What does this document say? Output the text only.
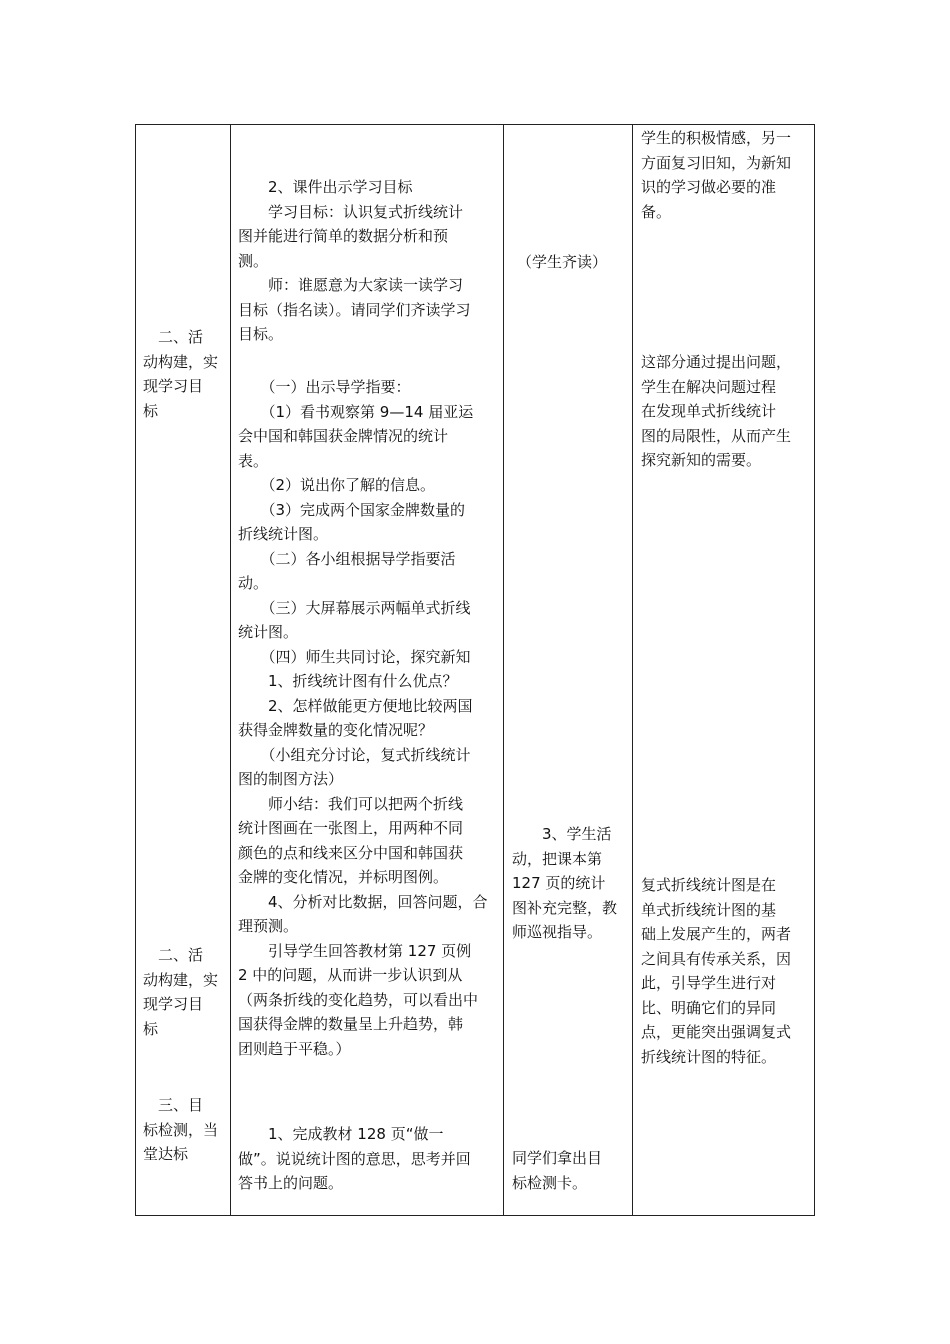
　二、活
动构建，实
现学习目
标
　二、活
动构建，实
现学习目
标
　三、目
标检测，当
堂达标
　　2、课件出示学习目标
　　学习目标：认识复式折线统计
图并能进行简单的数据分析和预
测。
　　师：谁愿意为大家读一读学习
目标（指名读）。请同学们齐读学习
目标。
　　（一）出示导学指要：
　　（1）看书观察第 9—14 届亚运
会中国和韩国获金牌情况的统计
表。
　　（2）说出你了解的信息。
　　（3）完成两个国家金牌数量的
折线统计图。
　　（二）各小组根据导学指要活
动。
　　（三）大屏幕展示两幅单式折线
统计图。
　　（四）师生共同讨论，探究新知
　　1、折线统计图有什么优点？
　　2、怎样做能更方便地比较两国
获得金牌数量的变化情况呢？
　　（小组充分讨论，复式折线统计
图的制图方法）
　　师小结：我们可以把两个折线
统计图画在一张图上，用两种不同
颜色的点和线来区分中国和韩国获
金牌的变化情况，并标明图例。
　　4、分析对比数据，回答问题，合
理预测。
　　引导学生回答教材第 127 页例
2 中的问题，从而讲一步认识到从
（两条折线的变化趋势，可以看出中
国获得金牌的数量呈上升趋势，韩
团则趋于平稳。）
　　1、完成教材 128 页“做一
做”。说说统计图的意思，思考并回
答书上的问题。
（学生齐读）
　　3、学生活
动，把课本第
127 页的统计
图补充完整，教
师巡视指导。
同学们拿出目
标检测卡。
学生的积极情感，另一
方面复习旧知，为新知
识的学习做必要的准
备。
这部分通过提出问题，
学生在解决问题过程
在发现单式折线统计
图的局限性，从而产生
探究新知的需要。
复式折线统计图是在
单式折线统计图的基
础上发展产生的，两者
之间具有传承关系，因
此，引导学生进行对
比、明确它们的异同
点，更能突出强调复式
折线统计图的特征。
